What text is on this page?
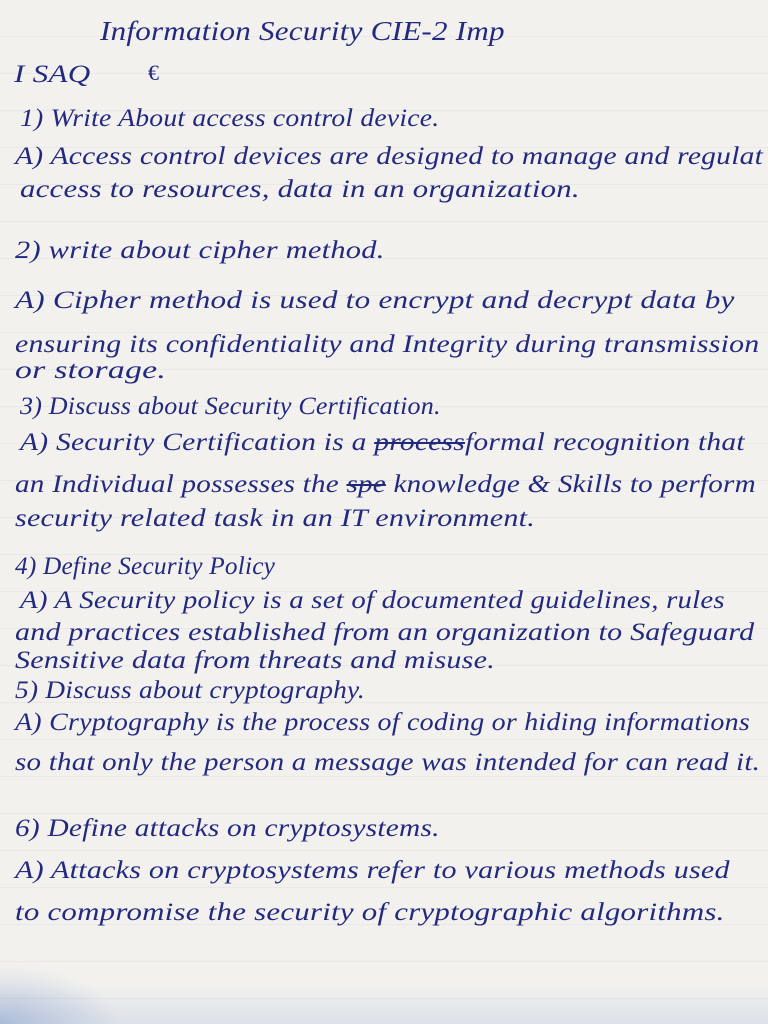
Information Security CIE-2 Imp
I SAQ	€
1) Write About access control device.
A) Access control devices are designed to manage and regulat
access to resources, data in an organization.
2) write about cipher method.
A) Cipher method is used to encrypt and decrypt data by
ensuring its confidentiality and Integrity during transmission
or storage.
3) Discuss about Security Certification.
A) Security Certification is a processformal recognition that
an Individual possesses the spe knowledge & Skills to perform
security related task in an IT environment.
4) Define Security Policy
A) A Security policy is a set of documented guidelines, rules
and practices established from an organization to Safeguard
Sensitive data from threats and misuse.
5) Discuss about cryptography.
A) Cryptography is the process of coding or hiding informations
so that only the person a message was intended for can read it.
6) Define attacks on cryptosystems.
A) Attacks on cryptosystems refer to various methods used
to compromise the security of cryptographic algorithms.
